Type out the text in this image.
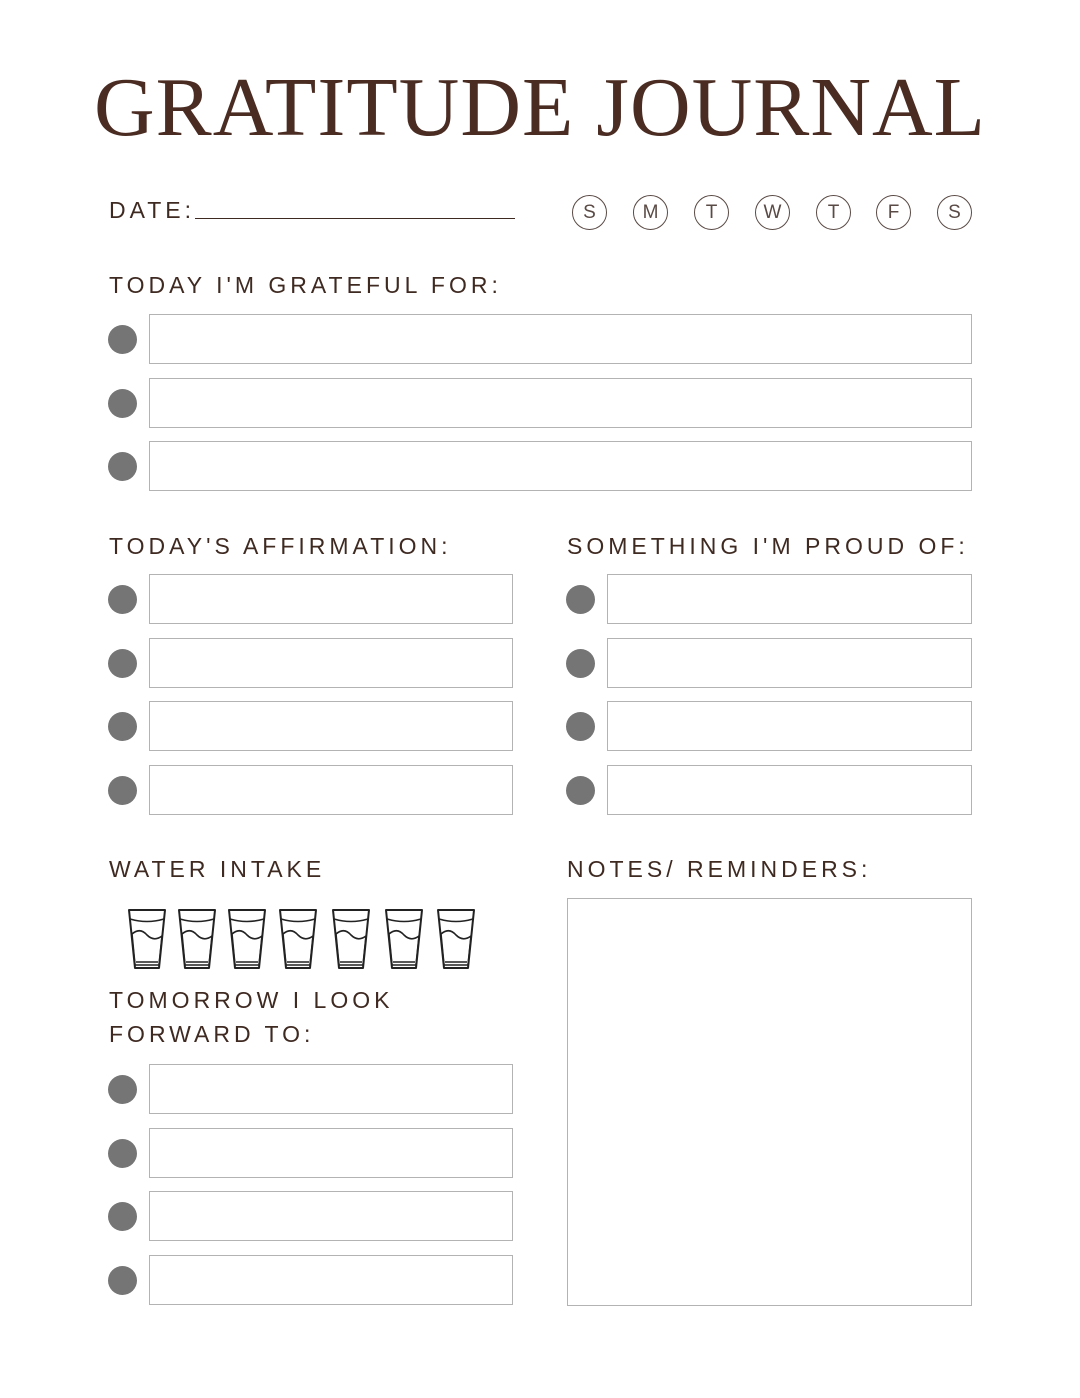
GRATITUDE JOURNAL
DATE:	S	M	T	W	T	F	S
TODAY I'M GRATEFUL FOR:
TODAY'S AFFIRMATION:	SOMETHING I'M PROUD OF:
WATER INTAKE
TOMORROW I LOOK
FORWARD TO:
NOTES/ REMINDERS:
